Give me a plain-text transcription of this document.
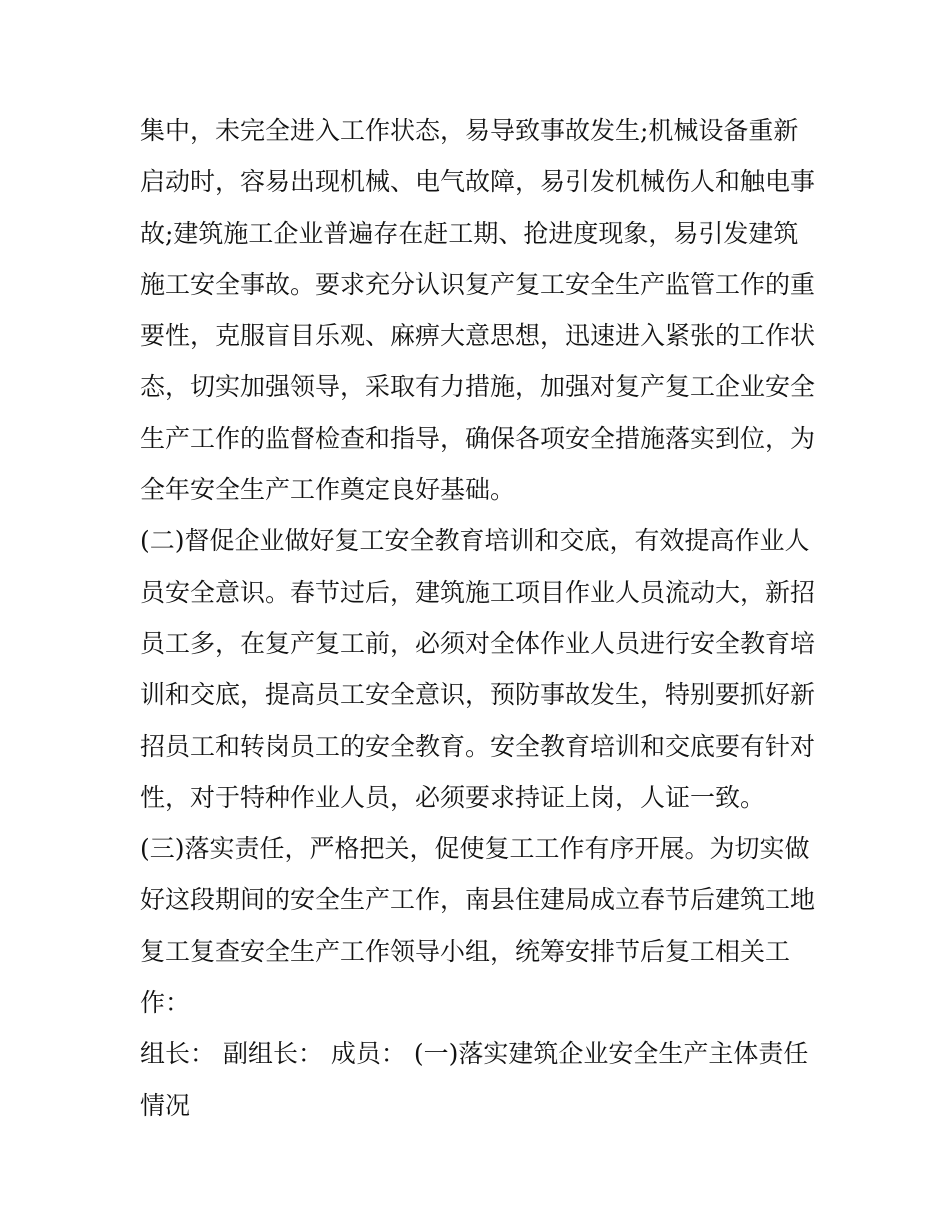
集中，未完全进入工作状态，易导致事故发生;机械设备重新
启动时，容易出现机械、电气故障，易引发机械伤人和触电事
故;建筑施工企业普遍存在赶工期、抢进度现象，易引发建筑
施工安全事故。要求充分认识复产复工安全生产监管工作的重
要性，克服盲目乐观、麻痹大意思想，迅速进入紧张的工作状
态，切实加强领导，采取有力措施，加强对复产复工企业安全
生产工作的监督检查和指导，确保各项安全措施落实到位，为
全年安全生产工作奠定良好基础。
(二)督促企业做好复工安全教育培训和交底，有效提高作业人
员安全意识。春节过后，建筑施工项目作业人员流动大，新招
员工多，在复产复工前，必须对全体作业人员进行安全教育培
训和交底，提高员工安全意识，预防事故发生，特别要抓好新
招员工和转岗员工的安全教育。安全教育培训和交底要有针对
性，对于特种作业人员，必须要求持证上岗，人证一致。
(三)落实责任，严格把关，促使复工工作有序开展。为切实做
好这段期间的安全生产工作，南县住建局成立春节后建筑工地
复工复查安全生产工作领导小组，统筹安排节后复工相关工
作：
组长： 副组长： 成员： (一)落实建筑企业安全生产主体责任
情况
